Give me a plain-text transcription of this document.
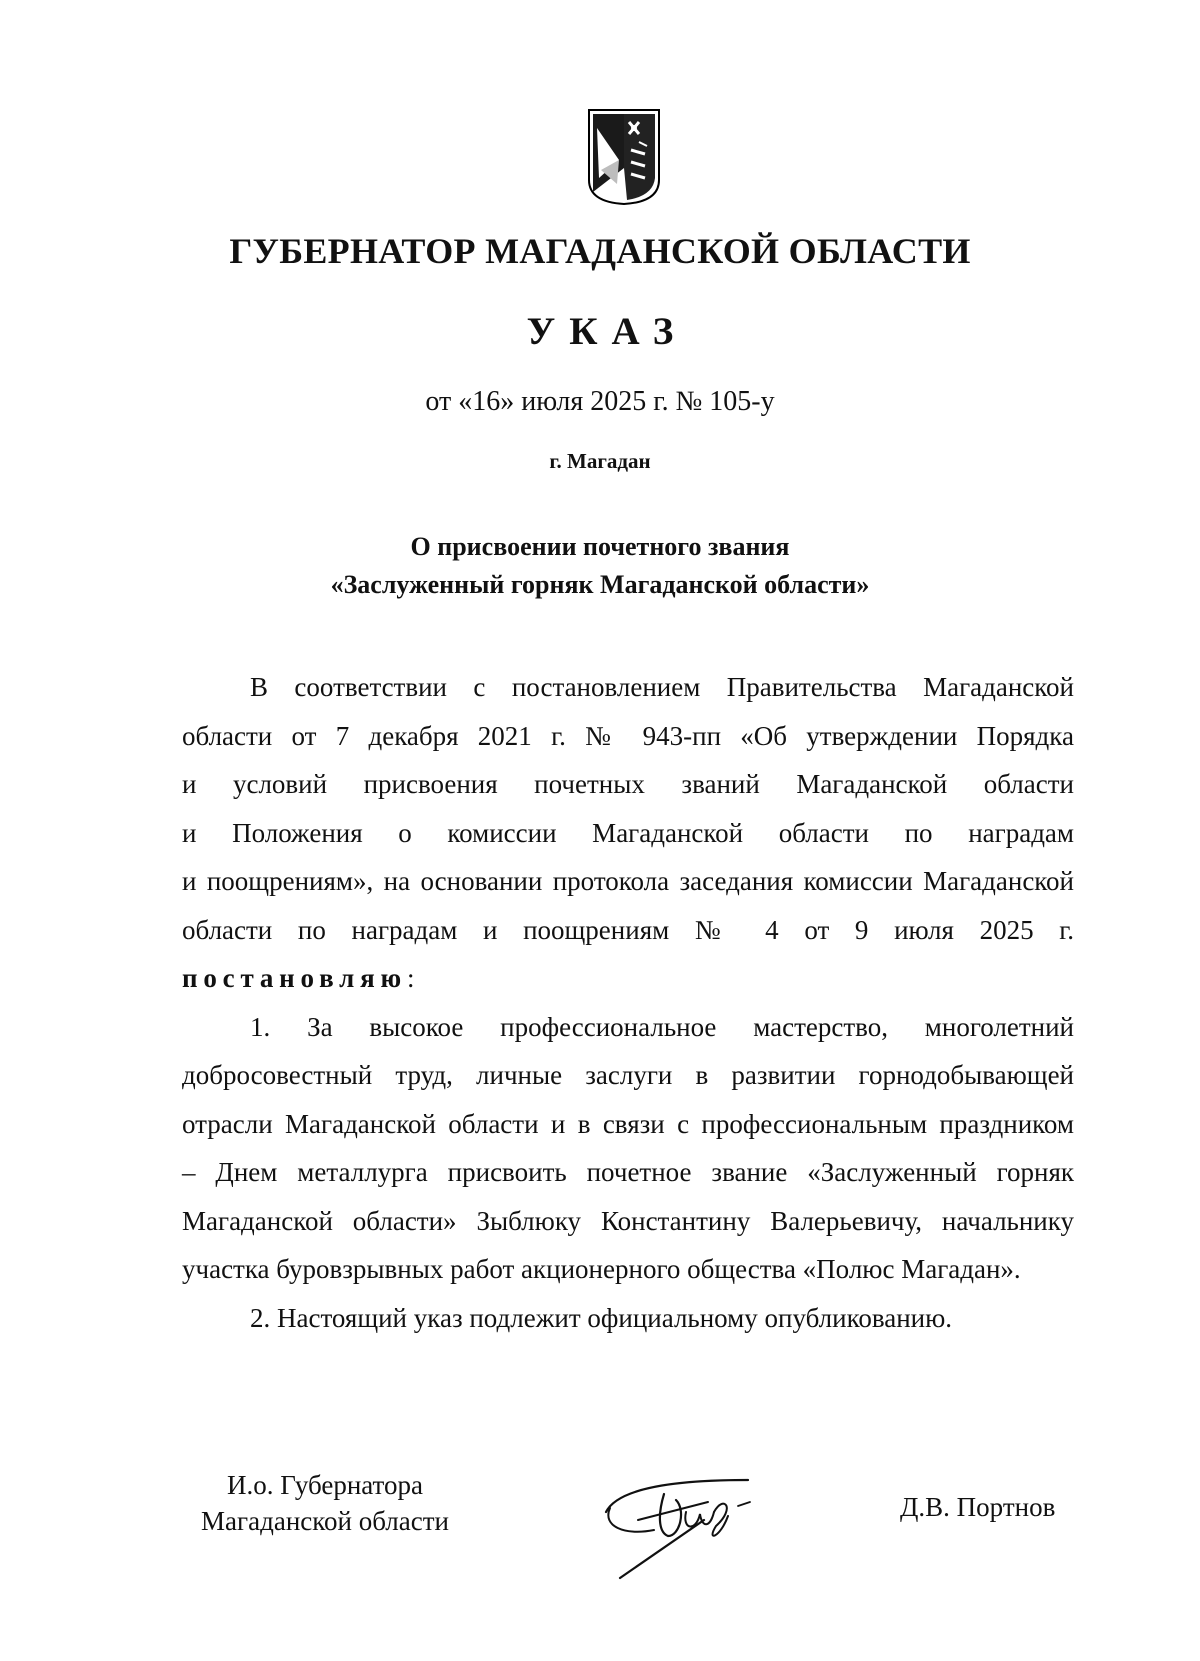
ГУБЕРНАТОР МАГАДАНСКОЙ ОБЛАСТИ
УКАЗ
от «16» июля 2025 г. № 105-у
г. Магадан
О присвоении почетного звания
«Заслуженный горняк Магаданской области»
В соответствии с постановлением Правительства Магаданской
области от 7 декабря 2021 г. № 943-пп «Об утверждении Порядка
и условий присвоения почетных званий Магаданской области
и Положения о комиссии Магаданской области по наградам
и поощрениям», на основании протокола заседания комиссии Магаданской
области по наградам и поощрениям № 4 от 9 июля 2025 г.
постановляю:
1. За высокое профессиональное мастерство, многолетний
добросовестный труд, личные заслуги в развитии горнодобывающей
отрасли Магаданской области и в связи с профессиональным праздником
– Днем металлурга присвоить почетное звание «Заслуженный горняк
Магаданской области» Зыблюку Константину Валерьевичу, начальнику
участка буровзрывных работ акционерного общества «Полюс Магадан».
2. Настоящий указ подлежит официальному опубликованию.
И.о. Губернатора
Магаданской области	Д.В. Портнов
